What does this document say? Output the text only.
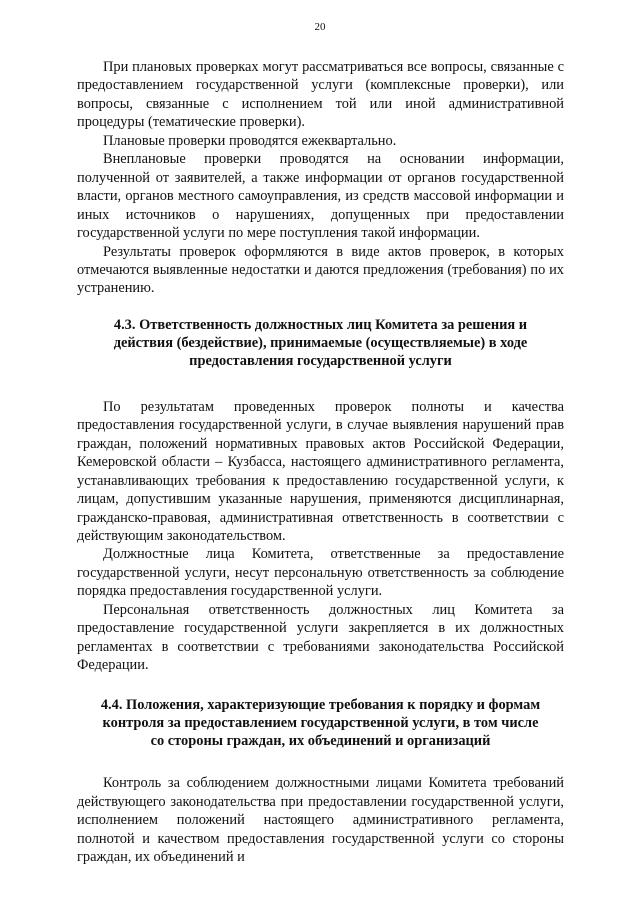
20

При плановых проверках могут рассматриваться все вопросы, связанные с предоставлением государственной услуги (комплексные проверки), или вопросы, связанные с исполнением той или иной административной процедуры (тематические проверки).

Плановые проверки проводятся ежеквартально.

Внеплановые проверки проводятся на основании информации, полученной от заявителей, а также информации от органов государственной власти, органов местного самоуправления, из средств массовой информации и иных источников о нарушениях, допущенных при предоставлении государственной услуги по мере поступления такой информации.

Результаты проверок оформляются в виде актов проверок, в которых отмечаются выявленные недостатки и даются предложения (требования) по их устранению.

4.3. Ответственность должностных лиц Комитета за решения и действия (бездействие), принимаемые (осуществляемые) в ходе предоставления государственной услуги

По результатам проведенных проверок полноты и качества предоставления государственной услуги, в случае выявления нарушений прав граждан, положений нормативных правовых актов Российской Федерации, Кемеровской области – Кузбасса, настоящего административного регламента, устанавливающих требования к предоставлению государственной услуги, к лицам, допустившим указанные нарушения, применяются дисциплинарная, гражданско-правовая, административная ответственность в соответствии с действующим законодательством.

Должностные лица Комитета, ответственные за предоставление государственной услуги, несут персональную ответственность за соблюдение порядка предоставления государственной услуги.

Персональная ответственность должностных лиц Комитета за предоставление государственной услуги закрепляется в их должностных регламентах в соответствии с требованиями законодательства Российской Федерации.

4.4. Положения, характеризующие требования к порядку и формам контроля за предоставлением государственной услуги, в том числе со стороны граждан, их объединений и организаций

Контроль за соблюдением должностными лицами Комитета требований действующего законодательства при предоставлении государственной услуги, исполнением положений настоящего административного регламента, полнотой и качеством предоставления государственной услуги со стороны граждан, их объединений и
